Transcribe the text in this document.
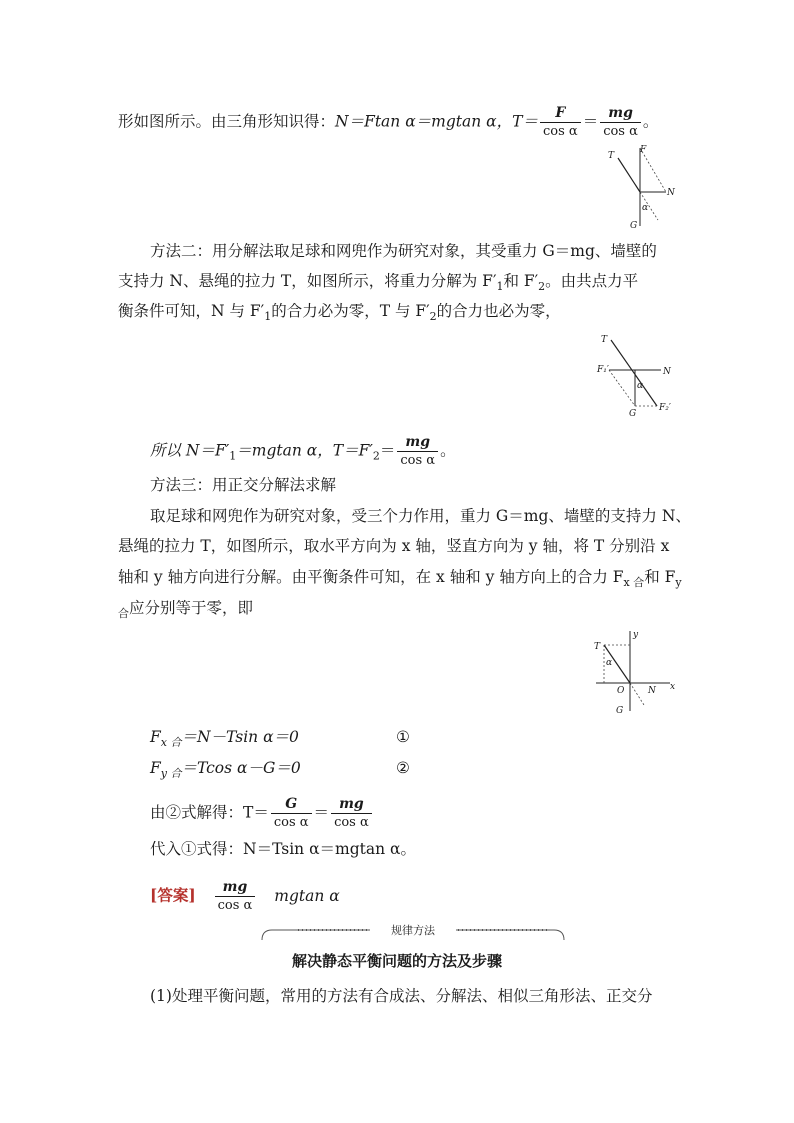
形如图所示。由三角形知识得：N＝Ftan α＝mgtan α，$T= \frac{F}{\text{cos α}} = \frac{mg}{\text{cos α}}$ 。
T
F
N
α
G
方法二：用分解法取足球和网兜作为研究对象，其受重力 G＝mg、墙壁的
支持力 N、悬绳的拉力 T，如图所示，将重力分解为 $F'_1$和 $F'_2$。由共点力平
衡条件可知，N 与 $F'_1$的合力必为零，T 与 $F'_2$的合力也必为零，
T
F₁′	N
α
G
F₂′
所以 $N=F'_1=mgtan$ α，$T=F'_2= \frac{mg}{\text{cos α}}$ 。
方法三：用正交分解法求解
取足球和网兜作为研究对象，受三个力作用，重力 G＝mg、墙壁的支持力 N、
悬绳的拉力 T，如图所示，取水平方向为 x 轴，竖直方向为 y 轴，将 T 分别沿 x
轴和 y 轴方向进行分解。由平衡条件可知，在 x 轴和 y 轴方向上的合力 $F_{x 合}$和 $F_y$
$_合$应分别等于零，即
T
y
α
O	N x
G
$F_{x 合}=N-Tsin$ α＝0	①
$F_{y 合}=Tcos$ α－G＝0	②
由②式解得：$T= \frac{G}{\text{cos α}} = \frac{mg}{\text{cos α}}$
代入①式得：N＝Tsin α＝mgtan α。
[答案] $\frac{mg}{\text{cos α}}$ mgtan α
规律方法
解决静态平衡问题的方法及步骤
(1)处理平衡问题，常用的方法有合成法、分解法、相似三角形法、正交分
